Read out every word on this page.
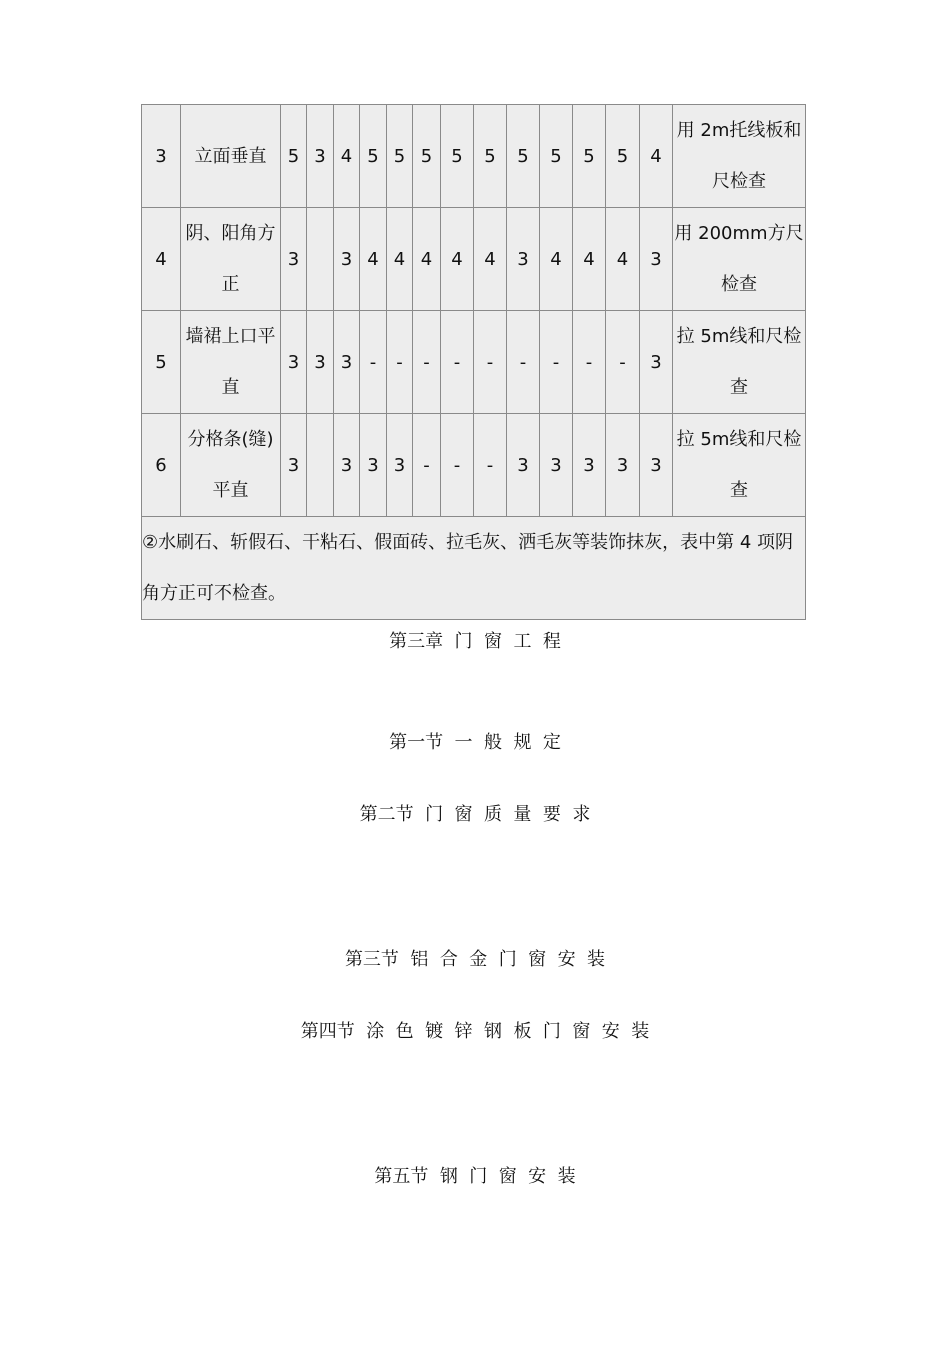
3	立面垂直	5	3	4	5	5	5	5	5	5	5	5	5	4	用 2m托线板和尺检查
4	阴、阳角方正	3		3	4	4	4	4	4	3	4	4	4	3	用 200mm方尺检查
5	墙裙上口平直	3	3	3	-	-	-	-	-	-	-	-	-	3	拉 5m线和尺检查
6	分格条(缝) 平直	3		3	3	3	-	-	-	3	3	3	3	3	拉 5m线和尺检查
②水刷石、斩假石、干粘石、假面砖、拉毛灰、洒毛灰等装饰抹灰，表中第 4 项阴角方正可不检查。															
第三章  门  窗  工  程
第一节  一  般  规  定
第二节  门  窗  质  量  要  求
第三节  铝  合  金  门  窗  安  装
第四节  涂  色  镀  锌  钢  板  门  窗  安  装
第五节  钢  门  窗  安  装
